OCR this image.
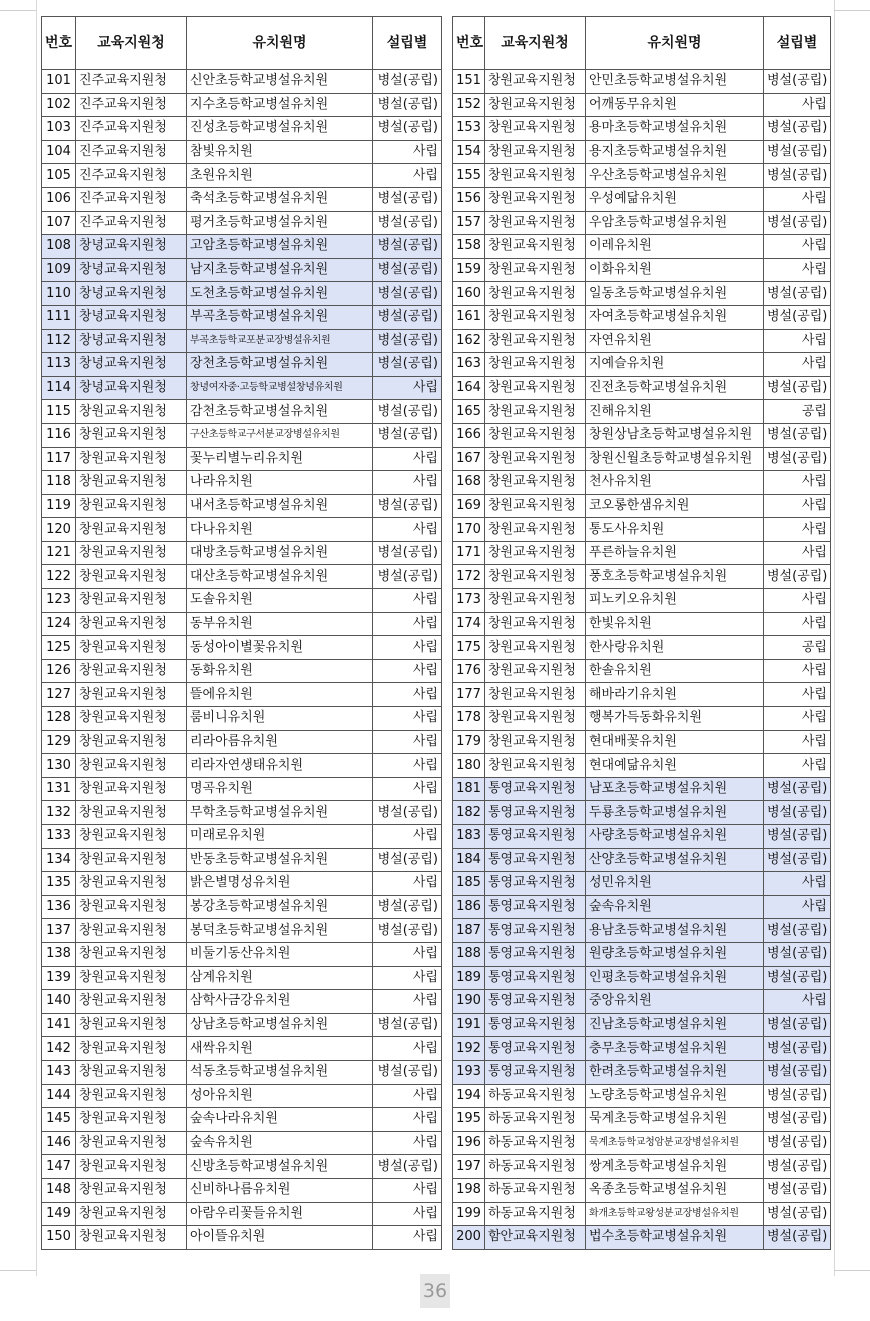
번호	교육지원청	유치원명	설립별
101	진주교육지원청	신안초등학교병설유치원	병설(공립)
102	진주교육지원청	지수초등학교병설유치원	병설(공립)
103	진주교육지원청	진성초등학교병설유치원	병설(공립)
104	진주교육지원청	참빛유치원	사립
105	진주교육지원청	초원유치원	사립
106	진주교육지원청	축석초등학교병설유치원	병설(공립)
107	진주교육지원청	평거초등학교병설유치원	병설(공립)
108	창녕교육지원청	고암초등학교병설유치원	병설(공립)
109	창녕교육지원청	남지초등학교병설유치원	병설(공립)
110	창녕교육지원청	도천초등학교병설유치원	병설(공립)
111	창녕교육지원청	부곡초등학교병설유치원	병설(공립)
112	창녕교육지원청	부곡초등학교포분교장병설유치원	병설(공립)
113	창녕교육지원청	장천초등학교병설유치원	병설(공립)
114	창녕교육지원청	창녕여자중·고등학교병설창녕유치원	사립
115	창원교육지원청	감천초등학교병설유치원	병설(공립)
116	창원교육지원청	구산초등학교구서분교장병설유치원	병설(공립)
117	창원교육지원청	꽃누리별누리유치원	사립
118	창원교육지원청	나라유치원	사립
119	창원교육지원청	내서초등학교병설유치원	병설(공립)
120	창원교육지원청	다나유치원	사립
121	창원교육지원청	대방초등학교병설유치원	병설(공립)
122	창원교육지원청	대산초등학교병설유치원	병설(공립)
123	창원교육지원청	도솔유치원	사립
124	창원교육지원청	동부유치원	사립
125	창원교육지원청	동성아이별꽃유치원	사립
126	창원교육지원청	동화유치원	사립
127	창원교육지원청	뜰에유치원	사립
128	창원교육지원청	룸비니유치원	사립
129	창원교육지원청	리라아름유치원	사립
130	창원교육지원청	리라자연생태유치원	사립
131	창원교육지원청	명곡유치원	사립
132	창원교육지원청	무학초등학교병설유치원	병설(공립)
133	창원교육지원청	미래로유치원	사립
134	창원교육지원청	반동초등학교병설유치원	병설(공립)
135	창원교육지원청	밝은별명성유치원	사립
136	창원교육지원청	봉강초등학교병설유치원	병설(공립)
137	창원교육지원청	봉덕초등학교병설유치원	병설(공립)
138	창원교육지원청	비둘기동산유치원	사립
139	창원교육지원청	삼계유치원	사립
140	창원교육지원청	삼학사금강유치원	사립
141	창원교육지원청	상남초등학교병설유치원	병설(공립)
142	창원교육지원청	새싹유치원	사립
143	창원교육지원청	석동초등학교병설유치원	병설(공립)
144	창원교육지원청	성아유치원	사립
145	창원교육지원청	숲속나라유치원	사립
146	창원교육지원청	숲속유치원	사립
147	창원교육지원청	신방초등학교병설유치원	병설(공립)
148	창원교육지원청	신비하나름유치원	사립
149	창원교육지원청	아람우리꽃들유치원	사립
150	창원교육지원청	아이뜰유치원	사립
번호	교육지원청	유치원명	설립별
151	창원교육지원청	안민초등학교병설유치원	병설(공립)
152	창원교육지원청	어깨동무유치원	사립
153	창원교육지원청	용마초등학교병설유치원	병설(공립)
154	창원교육지원청	용지초등학교병설유치원	병설(공립)
155	창원교육지원청	우산초등학교병설유치원	병설(공립)
156	창원교육지원청	우성예닮유치원	사립
157	창원교육지원청	우암초등학교병설유치원	병설(공립)
158	창원교육지원청	이레유치원	사립
159	창원교육지원청	이화유치원	사립
160	창원교육지원청	일동초등학교병설유치원	병설(공립)
161	창원교육지원청	자여초등학교병설유치원	병설(공립)
162	창원교육지원청	자연유치원	사립
163	창원교육지원청	지예슬유치원	사립
164	창원교육지원청	진전초등학교병설유치원	병설(공립)
165	창원교육지원청	진해유치원	공립
166	창원교육지원청	창원상남초등학교병설유치원	병설(공립)
167	창원교육지원청	창원신월초등학교병설유치원	병설(공립)
168	창원교육지원청	천사유치원	사립
169	창원교육지원청	코오롱한샘유치원	사립
170	창원교육지원청	통도사유치원	사립
171	창원교육지원청	푸른하늘유치원	사립
172	창원교육지원청	풍호초등학교병설유치원	병설(공립)
173	창원교육지원청	피노키오유치원	사립
174	창원교육지원청	한빛유치원	사립
175	창원교육지원청	한사랑유치원	공립
176	창원교육지원청	한솔유치원	사립
177	창원교육지원청	해바라기유치원	사립
178	창원교육지원청	행복가득동화유치원	사립
179	창원교육지원청	현대배꽃유치원	사립
180	창원교육지원청	현대예닮유치원	사립
181	통영교육지원청	남포초등학교병설유치원	병설(공립)
182	통영교육지원청	두룡초등학교병설유치원	병설(공립)
183	통영교육지원청	사량초등학교병설유치원	병설(공립)
184	통영교육지원청	산양초등학교병설유치원	병설(공립)
185	통영교육지원청	성민유치원	사립
186	통영교육지원청	숲속유치원	사립
187	통영교육지원청	용남초등학교병설유치원	병설(공립)
188	통영교육지원청	원량초등학교병설유치원	병설(공립)
189	통영교육지원청	인평초등학교병설유치원	병설(공립)
190	통영교육지원청	중앙유치원	사립
191	통영교육지원청	진남초등학교병설유치원	병설(공립)
192	통영교육지원청	충무초등학교병설유치원	병설(공립)
193	통영교육지원청	한려초등학교병설유치원	병설(공립)
194	하동교육지원청	노량초등학교병설유치원	병설(공립)
195	하동교육지원청	묵계초등학교병설유치원	병설(공립)
196	하동교육지원청	묵계초등학교청암분교장병설유치원	병설(공립)
197	하동교육지원청	쌍계초등학교병설유치원	병설(공립)
198	하동교육지원청	옥종초등학교병설유치원	병설(공립)
199	하동교육지원청	화개초등학교왕성분교장병설유치원	병설(공립)
200	함안교육지원청	법수초등학교병설유치원	병설(공립)
36
